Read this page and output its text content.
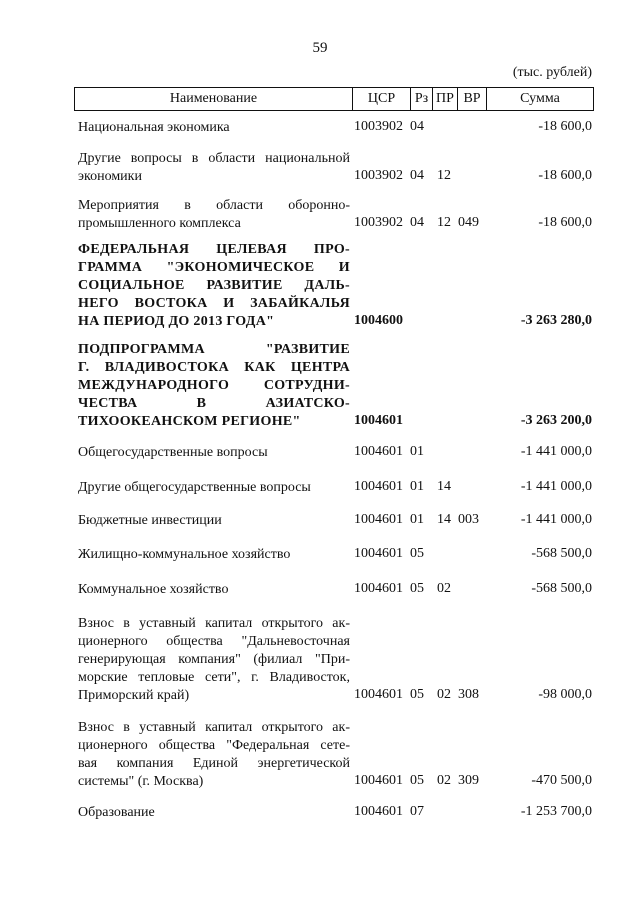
59
(тыс. рублей)
Наименование	ЦСР	Рз ПР ВР	Сумма
Национальная экономика	1003902 04	-18 600,0
Другие вопросы в области национальной
экономики	1003902 04 12	-18 600,0
Мероприятия в области оборонно-
промышленного комплекса	1003902 04 12 049	-18 600,0
ФЕДЕРАЛЬНАЯ ЦЕЛЕВАЯ ПРО-
ГРАММА "ЭКОНОМИЧЕСКОЕ И
СОЦИАЛЬНОЕ РАЗВИТИЕ ДАЛЬ-
НЕГО ВОСТОКА И ЗАБАЙКАЛЬЯ
НА ПЕРИОД ДО 2013 ГОДА"	1004600	-3 263 280,0
ПОДПРОГРАММА "РАЗВИТИЕ
Г. ВЛАДИВОСТОКА КАК ЦЕНТРА
МЕЖДУНАРОДНОГО СОТРУДНИ-
ЧЕСТВА В АЗИАТСКО-
ТИХООКЕАНСКОМ РЕГИОНЕ"	1004601	-3 263 200,0
Общегосударственные вопросы	1004601 01	-1 441 000,0
Другие общегосударственные вопросы	1004601 01 14	-1 441 000,0
Бюджетные инвестиции	1004601 01 14 003	-1 441 000,0
Жилищно-коммунальное хозяйство	1004601 05	-568 500,0
Коммунальное хозяйство	1004601 05 02	-568 500,0
Взнос в уставный капитал открытого ак-
ционерного общества "Дальневосточная
генерирующая компания" (филиал "При-
морские тепловые сети", г. Владивосток,
Приморский край)	1004601 05 02 308	-98 000,0
Взнос в уставный капитал открытого ак-
ционерного общества "Федеральная сете-
вая компания Единой энергетической
системы" (г. Москва)	1004601 05 02 309	-470 500,0
Образование	1004601 07	-1 253 700,0
